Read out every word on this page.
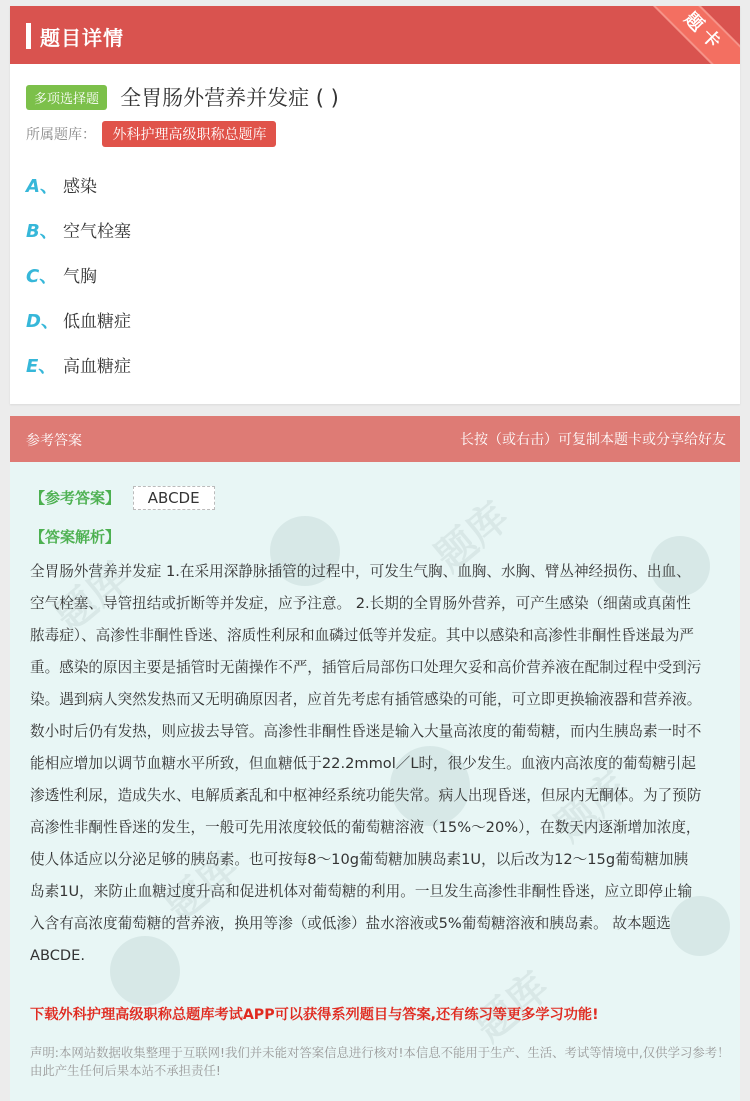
题目详情	题卡
多项选择题 全胃肠外营养并发症 ( )
所属题库： 外科护理高级职称总题库
A、 感染
B、 空气栓塞
C、 气胸
D、 低血糖症
E、 高血糖症
参考答案	长按（或右击）可复制本题卡或分享给好友
题库
题库
题库
题库
题库
【参考答案】 ABCDE
【答案解析】
全胃肠外营养并发症 1.在采用深静脉插管的过程中，可发生气胸、血胸、水胸、臂丛神经损伤、出血、空气栓塞、导管扭结或折断等并发症，应予注意。 2.长期的全胃肠外营养，可产生感染（细菌或真菌性脓毒症）、高渗性非酮性昏迷、溶质性利尿和血磷过低等并发症。其中以感染和高渗性非酮性昏迷最为严重。感染的原因主要是插管时无菌操作不严，插管后局部伤口处理欠妥和高价营养液在配制过程中受到污染。遇到病人突然发热而又无明确原因者，应首先考虑有插管感染的可能，可立即更换输液器和营养液。数小时后仍有发热，则应拔去导管。高渗性非酮性昏迷是输入大量高浓度的葡萄糖，而内生胰岛素一时不能相应增加以调节血糖水平所致，但血糖低于22.2mmol／L时，很少发生。血液内高浓度的葡萄糖引起渗透性利尿，造成失水、电解质紊乱和中枢神经系统功能失常。病人出现昏迷，但尿内无酮体。为了预防高渗性非酮性昏迷的发生，一般可先用浓度较低的葡萄糖溶液（15%～20%），在数天内逐渐增加浓度，使人体适应以分泌足够的胰岛素。也可按每8～10g葡萄糖加胰岛素1U，以后改为12～15g葡萄糖加胰岛素1U，来防止血糖过度升高和促进机体对葡萄糖的利用。一旦发生高渗性非酮性昏迷，应立即停止输入含有高浓度葡萄糖的营养液，换用等渗（或低渗）盐水溶液或5%葡萄糖溶液和胰岛素。 故本题选ABCDE.
下载外科护理高级职称总题库考试APP可以获得系列题目与答案,还有练习等更多学习功能!
声明:本网站数据收集整理于互联网!我们并未能对答案信息进行核对!本信息不能用于生产、生活、考试等情境中,仅供学习参考！由此产生任何后果本站不承担责任!
